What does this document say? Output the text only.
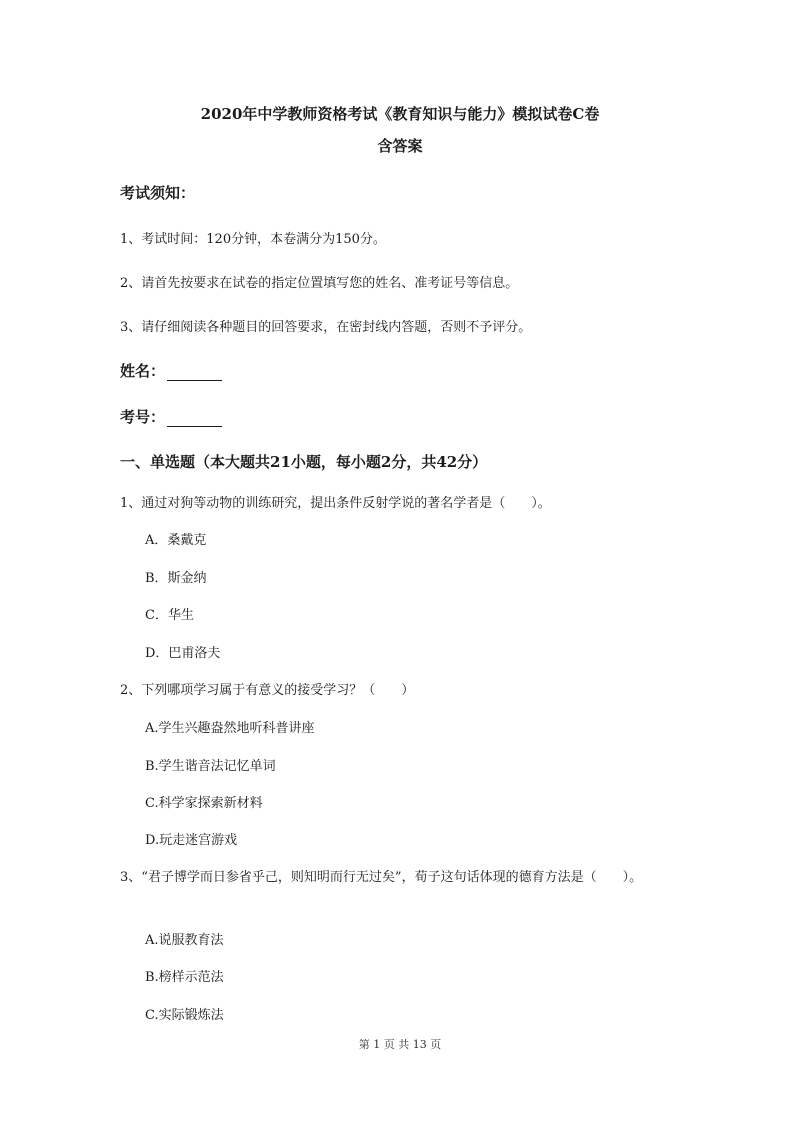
2020年中学教师资格考试《教育知识与能力》模拟试卷C卷
含答案
考试须知：
1、考试时间：120分钟，本卷满分为150分。
2、请首先按要求在试卷的指定位置填写您的姓名、准考证号等信息。
3、请仔细阅读各种题目的回答要求，在密封线内答题，否则不予评分。
姓名：
考号：
一、单选题（本大题共21小题，每小题2分，共42分）
1、通过对狗等动物的训练研究，提出条件反射学说的著名学者是（　　）。
A．桑戴克
B．斯金纳
C．华生
D．巴甫洛夫
2、下列哪项学习属于有意义的接受学习？（　　）
A.学生兴趣盎然地听科普讲座
B.学生谐音法记忆单词
C.科学家探索新材料
D.玩走迷宫游戏
3、“君子博学而日参省乎己，则知明而行无过矣”，荀子这句话体现的德育方法是（　　）。
A.说服教育法
B.榜样示范法
C.实际锻炼法
第 1 页 共 13 页
